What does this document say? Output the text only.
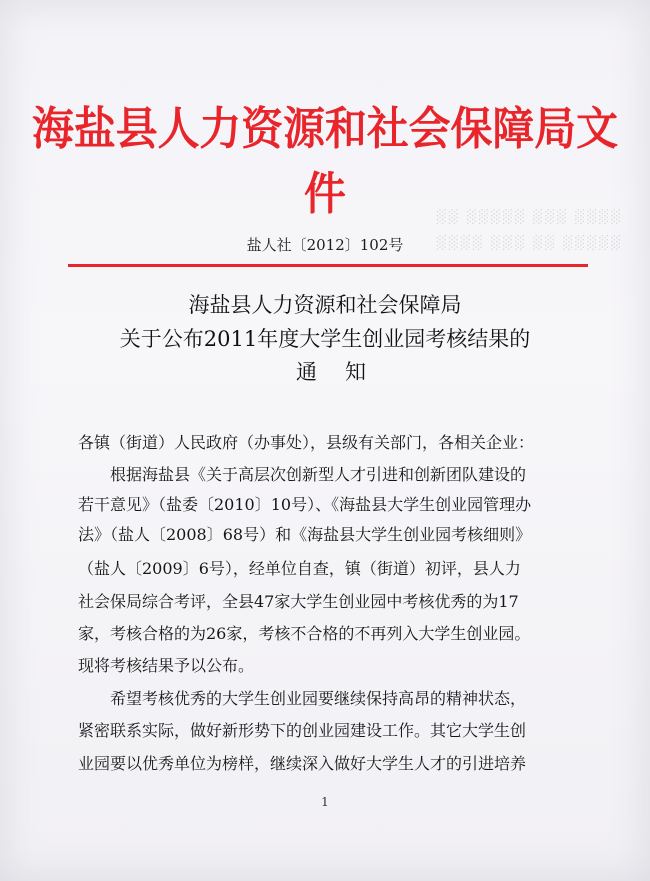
░░░░ ░░░ ░░░░░ ░░
░░░░░ ░░ ░░░ ░░░░
海盐县人力资源和社会保障局文件
盐人社〔2012〕102号
海盐县人力资源和社会保障局
关于公布2011年度大学生创业园考核结果的
通知
各镇（街道）人民政府（办事处），县级有关部门，各相关企业：
　　根据海盐县《关于高层次创新型人才引进和创新团队建设的
若干意见》（盐委〔2010〕10号）、《海盐县大学生创业园管理办
法》（盐人〔2008〕68号）和《海盐县大学生创业园考核细则》
（盐人〔2009〕6号），经单位自查，镇（街道）初评，县人力
社会保局综合考评，全县47家大学生创业园中考核优秀的为17
家，考核合格的为26家，考核不合格的不再列入大学生创业园。
现将考核结果予以公布。
　　希望考核优秀的大学生创业园要继续保持高昂的精神状态，
紧密联系实际，做好新形势下的创业园建设工作。其它大学生创
业园要以优秀单位为榜样，继续深入做好大学生人才的引进培养
1
